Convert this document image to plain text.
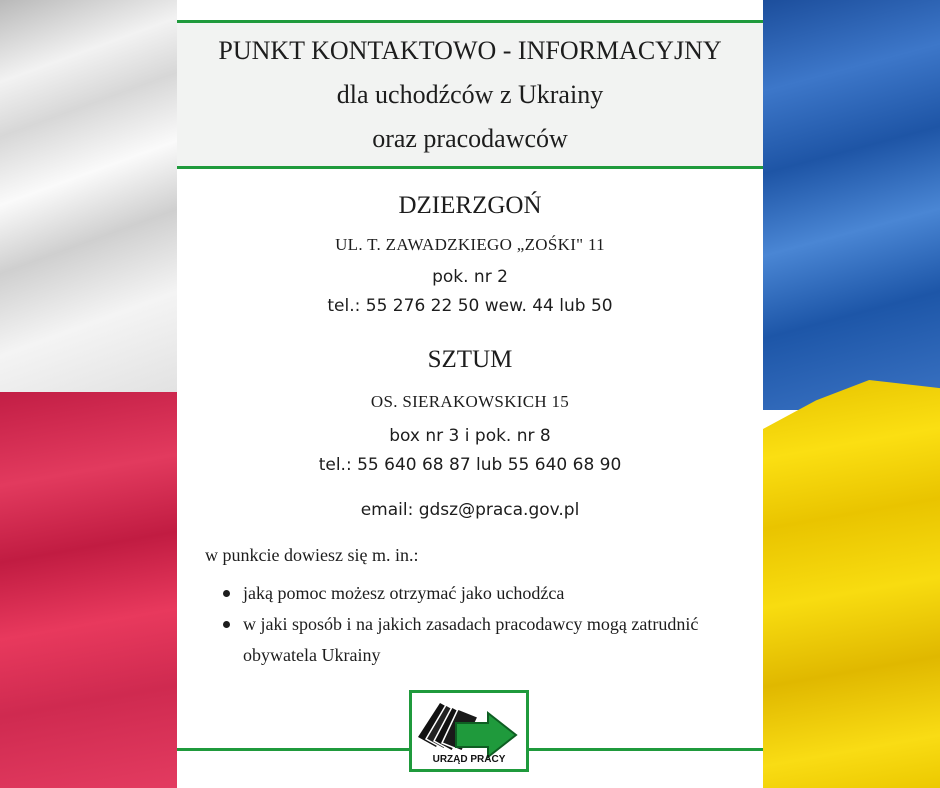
PUNKT KONTAKTOWO - INFORMACYJNY
dla uchodźców z Ukrainy
oraz pracodawców
DZIERZGOŃ
UL. T. ZAWADZKIEGO „ZOŚKI" 11
pok. nr 2
tel.: 55 276 22 50 wew. 44 lub 50
SZTUM
OS. SIERAKOWSKICH 15
box nr 3 i pok. nr 8
tel.: 55 640 68 87 lub 55 640 68 90
email: gdsz@praca.gov.pl
w punkcie dowiesz się m. in.:
jaką pomoc możesz otrzymać jako uchodźca
w jaki sposób i na jakich zasadach pracodawcy mogą zatrudnić obywatela Ukrainy
URZĄD PRACY
